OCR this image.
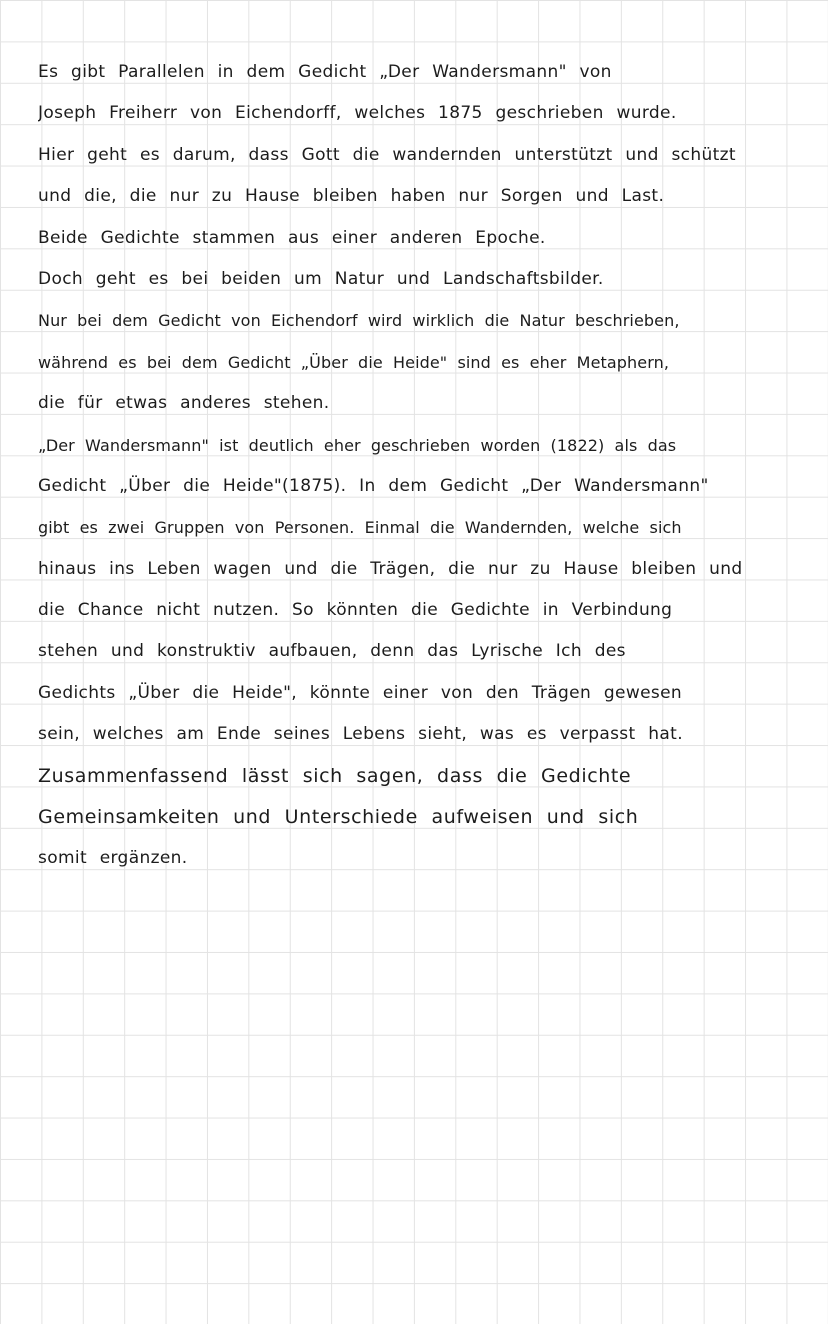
Es gibt Parallelen in dem Gedicht „Der Wandersmann" von
Joseph Freiherr von Eichendorff, welches 1875 geschrieben wurde.
Hier geht es darum, dass Gott die wandernden unterstützt und schützt
und die, die nur zu Hause bleiben haben nur Sorgen und Last.
Beide Gedichte stammen aus einer anderen Epoche.
Doch geht es bei beiden um Natur und Landschaftsbilder.
Nur bei dem Gedicht von Eichendorf wird wirklich die Natur beschrieben,
während es bei dem Gedicht „Über die Heide" sind es eher Metaphern,
die für etwas anderes stehen.
„Der Wandersmann" ist deutlich eher geschrieben worden (1822) als das
Gedicht „Über die Heide"(1875). In dem Gedicht „Der Wandersmann"
gibt es zwei Gruppen von Personen. Einmal die Wandernden, welche sich
hinaus ins Leben wagen und die Trägen, die nur zu Hause bleiben und
die Chance nicht nutzen. So könnten die Gedichte in Verbindung
stehen und konstruktiv aufbauen, denn das Lyrische Ich des
Gedichts „Über die Heide", könnte einer von den Trägen gewesen
sein, welches am Ende seines Lebens sieht, was es verpasst hat.
Zusammenfassend lässt sich sagen, dass die Gedichte
Gemeinsamkeiten und Unterschiede aufweisen und sich
somit ergänzen.
